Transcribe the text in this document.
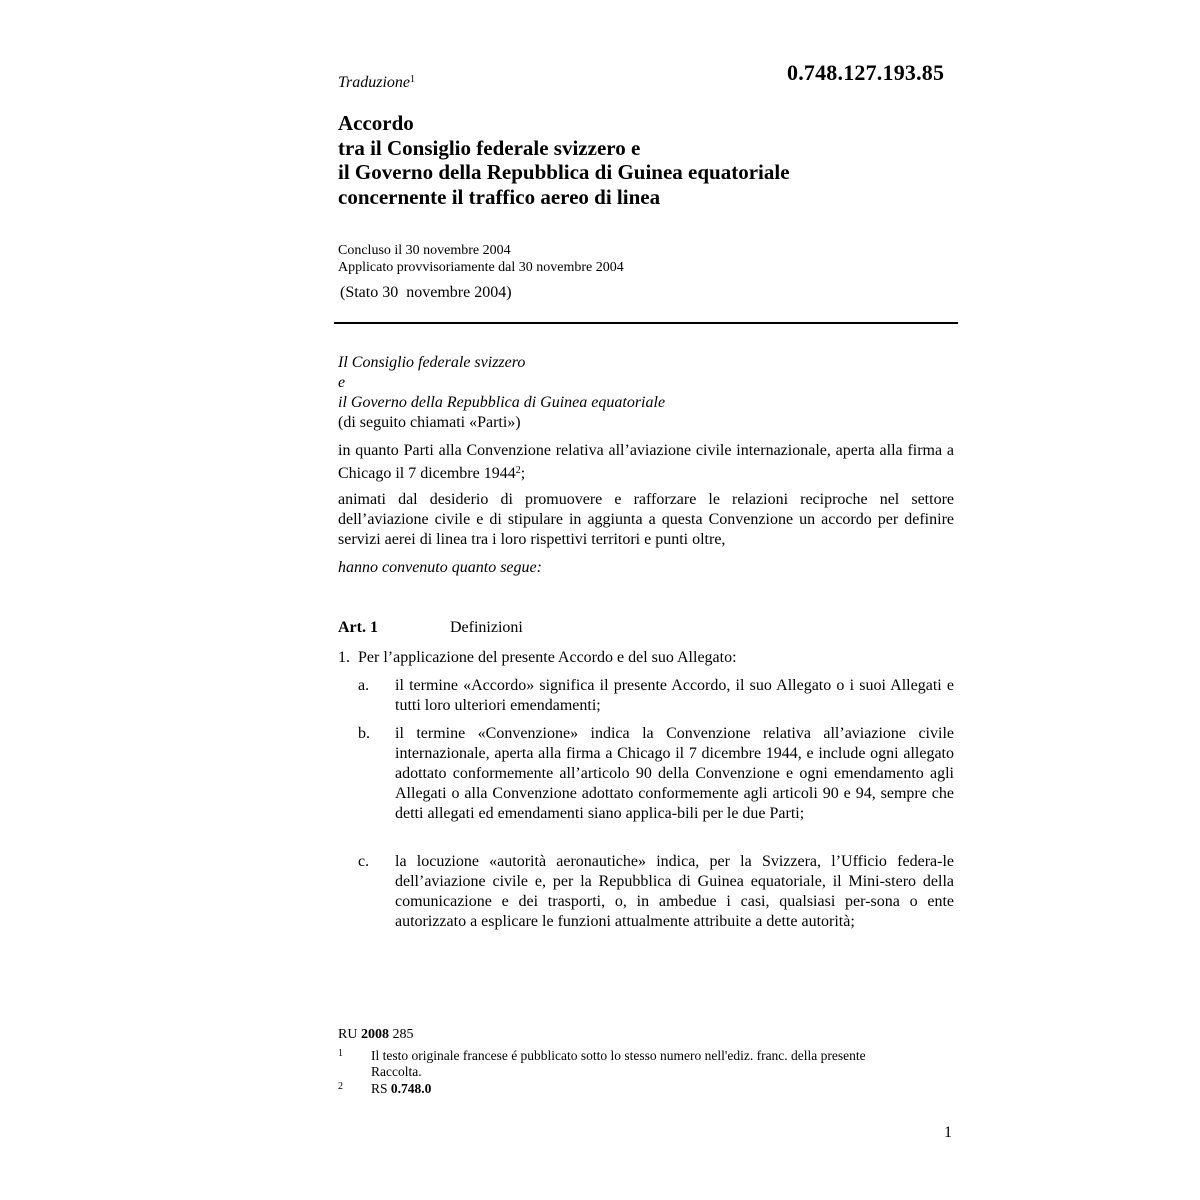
0.748.127.193.85
Traduzione$^1$
Accordo
tra il Consiglio federale svizzero e
il Governo della Repubblica di Guinea equatoriale
concernente il traffico aereo di linea
Concluso il 30 novembre 2004
Applicato provvisoriamente dal 30 novembre 2004
(Stato 30  novembre 2004)
Il Consiglio federale svizzero
e
il Governo della Repubblica di Guinea equatoriale
(di seguito chiamati «Parti»)
in quanto Parti alla Convenzione relativa all’aviazione civile internazionale, aperta alla firma a Chicago il 7 dicembre 1944$^2$;
animati dal desiderio di promuovere e rafforzare le relazioni reciproche nel settore dell’aviazione civile e di stipulare in aggiunta a questa Convenzione un accordo per definire servizi aerei di linea tra i loro rispettivi territori e punti oltre,
hanno convenuto quanto segue:
Art. 1	Definizioni
1.  Per l’applicazione del presente Accordo e del suo Allegato:
a. il termine «Accordo» significa il presente Accordo, il suo Allegato o i suoi Allegati e tutti loro ulteriori emendamenti;
b. il termine «Convenzione» indica la Convenzione relativa all’aviazione civile internazionale, aperta alla firma a Chicago il 7 dicembre 1944, e include ogni allegato adottato conformemente all’articolo 90 della Convenzione e ogni emendamento agli Allegati o alla Convenzione adottato conformemente agli articoli 90 e 94, sempre che detti allegati ed emendamenti siano applica-bili per le due Parti;
c. la locuzione «autorità aeronautiche» indica, per la Svizzera, l’Ufficio federa-le dell’aviazione civile e, per la Repubblica di Guinea equatoriale, il Mini-stero della comunicazione e dei trasporti, o, in ambedue i casi, qualsiasi per-sona o ente autorizzato a esplicare le funzioni attualmente attribuite a dette autorità;
RU 2008 285
1 Il testo originale francese é pubblicato sotto lo stesso numero nell'ediz. franc. della presente Raccolta.
2 RS 0.748.0
1
